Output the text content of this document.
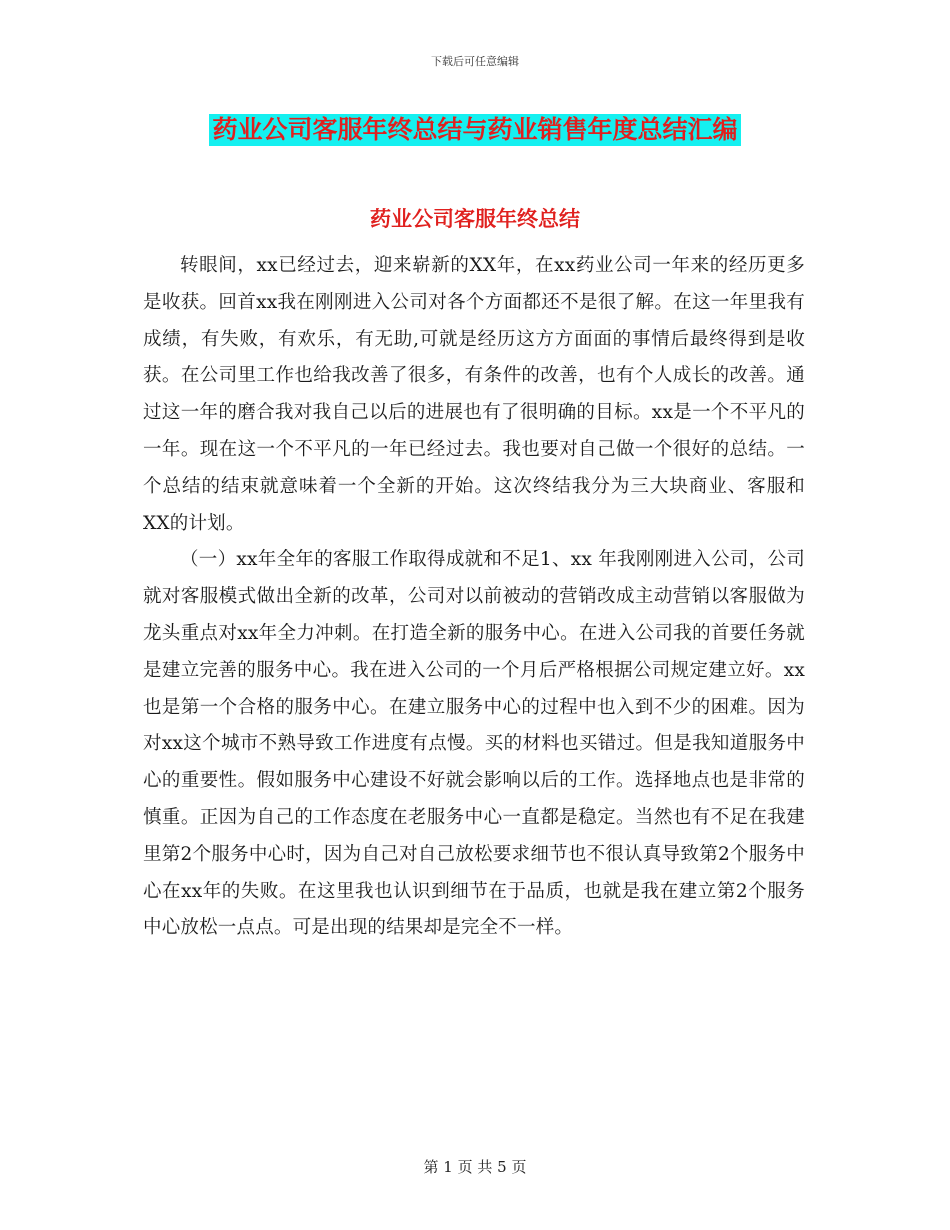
下载后可任意编辑
药业公司客服年终总结与药业销售年度总结汇编
药业公司客服年终总结

转眼间，xx已经过去，迎来崭新的XX年，在xx药业公司一年来的经历更多是收获。回首xx我在刚刚进入公司对各个方面都还不是很了解。在这一年里我有成绩，有失败，有欢乐，有无助,可就是经历这方方面面的事情后最终得到是收获。在公司里工作也给我改善了很多，有条件的改善，也有个人成长的改善。通过这一年的磨合我对我自己以后的进展也有了很明确的目标。xx是一个不平凡的一年。现在这一个不平凡的一年已经过去。我也要对自己做一个很好的总结。一个总结的结束就意味着一个全新的开始。这次终结我分为三大块商业、客服和XX的计划。

（一）xx年全年的客服工作取得成就和不足1、xx 年我刚刚进入公司，公司就对客服模式做出全新的改革，公司对以前被动的营销改成主动营销以客服做为龙头重点对xx年全力冲刺。在打造全新的服务中心。在进入公司我的首要任务就是建立完善的服务中心。我在进入公司的一个月后严格根据公司规定建立好。xx也是第一个合格的服务中心。在建立服务中心的过程中也入到不少的困难。因为对xx这个城市不熟导致工作进度有点慢。买的材料也买错过。但是我知道服务中心的重要性。假如服务中心建设不好就会影响以后的工作。选择地点也是非常的慎重。正因为自己的工作态度在老服务中心一直都是稳定。当然也有不足在我建里第2个服务中心时，因为自己对自己放松要求细节也不很认真导致第2个服务中心在xx年的失败。在这里我也认识到细节在于品质，也就是我在建立第2个服务中心放松一点点。可是出现的结果却是完全不一样。

第 1 页 共 5 页
